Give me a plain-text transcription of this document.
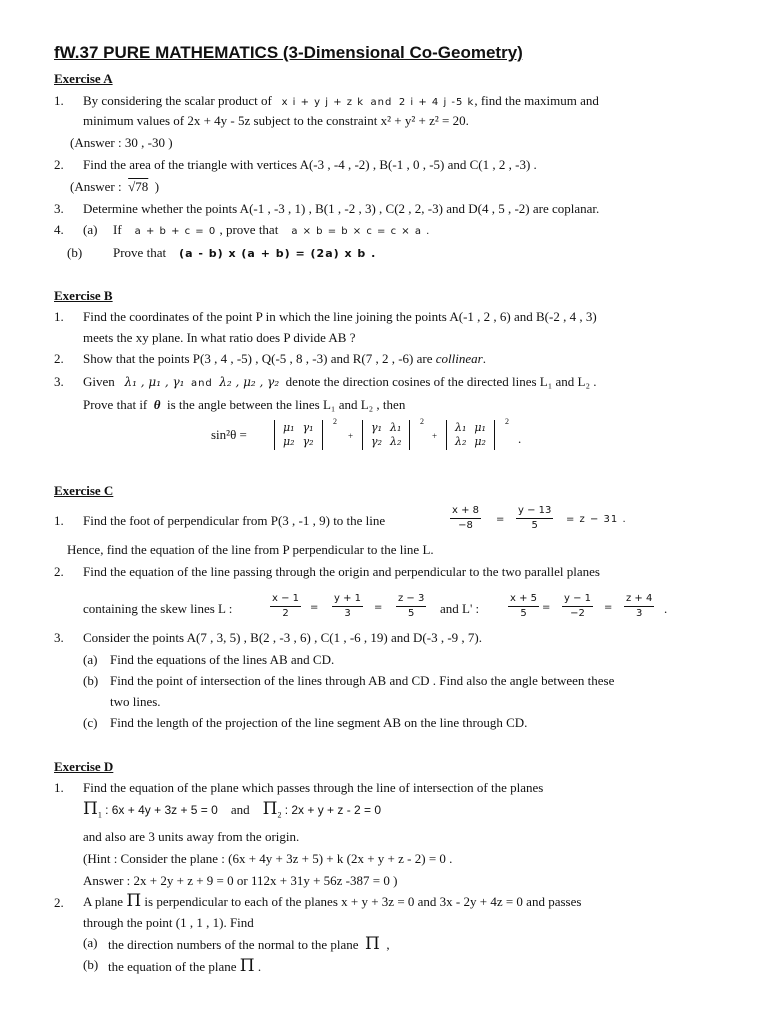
fW.37 PURE MATHEMATICS (3-Dimensional Co-Geometry)
Exercise A
1. By considering the scalar product of x i + y j + z k and 2 i + 4 j -5 k, find the maximum and
minimum values of 2x + 4y - 5z subject to the constraint x² + y² + z² = 20.
(Answer : 30 , -30 )
2. Find the area of the triangle with vertices A(-3 , -4 , -2) , B(-1 , 0 , -5) and C(1 , 2 , -3) .
(Answer : √78 )
3. Determine whether the points A(-1 , -3 , 1) , B(1 , -2 , 3) , C(2 , 2, -3) and D(4 , 5 , -2) are coplanar.
4. (a) If a + b + c = 0 , prove that a × b = b × c = c × a .
(b) Prove that (a - b) x (a + b) = (2a) x b .
Exercise B
1. Find the coordinates of the point P in which the line joining the points A(-1 , 2 , 6) and B(-2 , 4 , 3)
meets the xy plane. In what ratio does P divide AB ?
2. Show that the points P(3 , 4 , -5) , Q(-5 , 8 , -3) and R(7 , 2 , -6) are collinear.
3. Given λ₁ , μ₁ , γ₁ and λ₂ , μ₂ , γ₂ denote the direction cosines of the directed lines L₁ and L₂ .
Prove that if θ is the angle between the lines L₁ and L₂ , then
sin²θ =	μ₁	γ₁
μ₂	γ₂
2
+
γ₁	λ₁
γ₂	λ₂
2
+
λ₁	μ₁
λ₂	μ₂
2
.
Exercise C
1. Find the foot of perpendicular from P(3 , -1 , 9) to the line	$\frac{x + 8}{-8} = \frac{y - 13}{5} = z - 31$ .
Hence, find the equation of the line from P perpendicular to the line L.
2. Find the equation of the line passing through the origin and perpendicular to the two parallel planes
containing the skew lines L :	$\frac{x - 1}{2} = \frac{y + 1}{3} = \frac{z - 3}{5}$ and L' :	$\frac{x + 5}{5} = \frac{y - 1}{-2} = \frac{z + 4}{3}$ .
3. Consider the points A(7 , 3, 5) , B(2 , -3 , 6) , C(1 , -6 , 19) and D(-3 , -9 , 7).
(a) Find the equations of the lines AB and CD.
(b) Find the point of intersection of the lines through AB and CD . Find also the angle between these
two lines.
(c) Find the length of the projection of the line segment AB on the line through CD.
Exercise D
1. Find the equation of the plane which passes through the line of intersection of the planes
$\Pi_1$ : 6x + 4y + 3z + 5 = 0 and $\Pi_2$ : 2x + y + z - 2 = 0
and also are 3 units away from the origin.
(Hint : Consider the plane : (6x + 4y + 3z + 5) + k (2x + y + z - 2) = 0 .
Answer : 2x + 2y + z + 9 = 0 or 112x + 31y + 56z -387 = 0 )
2. A plane Π is perpendicular to each of the planes x + y + 3z = 0 and 3x - 2y + 4z = 0 and passes
through the point (1 , 1 , 1). Find
(a) the direction numbers of the normal to the plane Π ,
(b) the equation of the plane Π .
